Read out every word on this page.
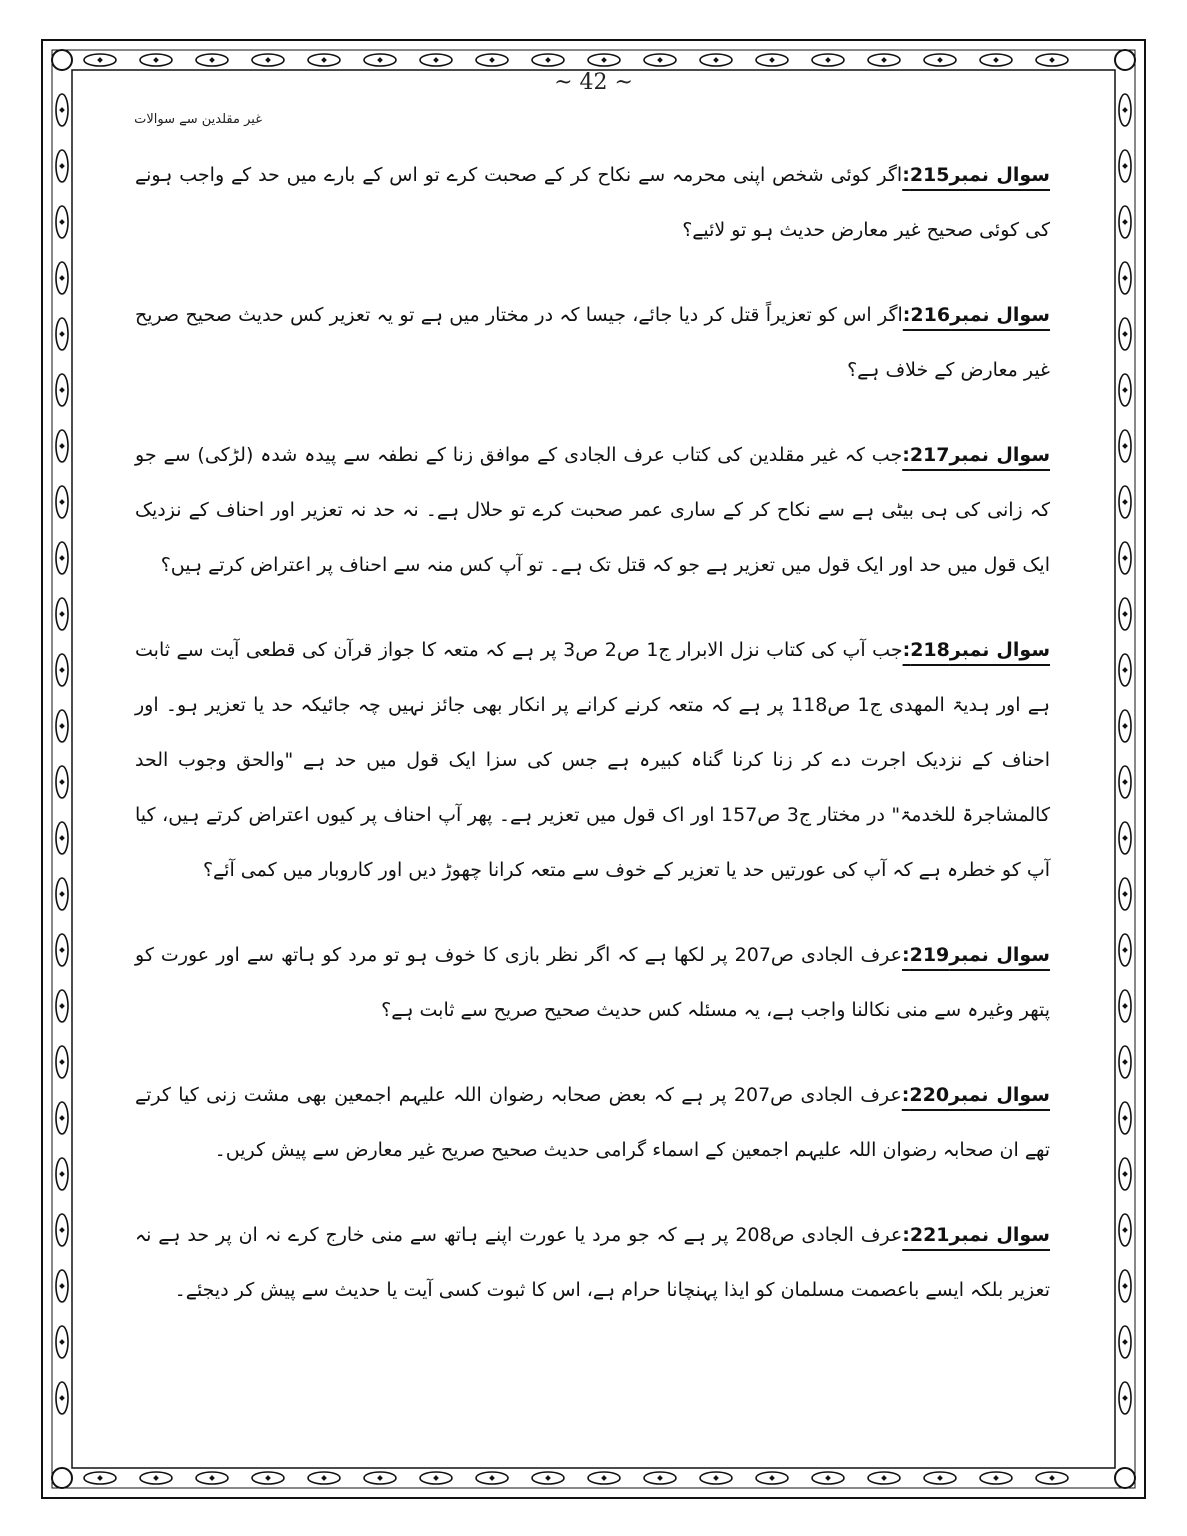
~ 42 ~
غیر مقلدین سے سوالات

سوال نمبر215:اگر کوئی شخص اپنی محرمہ سے نکاح کر کے صحبت کرے تو اس کے بارے میں حد کے واجب ہونے کی کوئی صحیح غیر معارض حدیث ہو تو لائیے؟

سوال نمبر216:اگر اس کو تعزیراً قتل کر دیا جائے، جیسا کہ در مختار میں ہے تو یہ تعزیر کس حدیث صحیح صریح غیر معارض کے خلاف ہے؟

سوال نمبر217:جب کہ غیر مقلدین کی کتاب عرف الجادی کے موافق زنا کے نطفہ سے پیدہ شدہ (لڑکی) سے جو کہ زانی کی ہی بیٹی ہے سے نکاح کر کے ساری عمر صحبت کرے تو حلال ہے۔ نہ حد نہ تعزیر اور احناف کے نزدیک ایک قول میں حد اور ایک قول میں تعزیر ہے جو کہ قتل تک ہے۔ تو آپ کس منہ سے احناف پر اعتراض کرتے ہیں؟

سوال نمبر218:جب آپ کی کتاب نزل الابرار ج1 ص2 ص3 پر ہے کہ متعہ کا جواز قرآن کی قطعی آیت سے ثابت ہے اور ہدیۃ المھدی ج1 ص118 پر ہے کہ متعہ کرنے کرانے پر انکار بھی جائز نہیں چہ جائیکہ حد یا تعزیر ہو۔ اور احناف کے نزدیک اجرت دے کر زنا کرنا گناہ کبیرہ ہے جس کی سزا ایک قول میں حد ہے "والحق وجوب الحد کالمشاجرۃ للخدمۃ" در مختار ج3 ص157 اور اک قول میں تعزیر ہے۔ پھر آپ احناف پر کیوں اعتراض کرتے ہیں، کیا آپ کو خطرہ ہے کہ آپ کی عورتیں حد یا تعزیر کے خوف سے متعہ کرانا چھوڑ دیں اور کاروبار میں کمی آئے؟

سوال نمبر219:عرف الجادی ص207 پر لکھا ہے کہ اگر نظر بازی کا خوف ہو تو مرد کو ہاتھ سے اور عورت کو پتھر وغیرہ سے منی نکالنا واجب ہے، یہ مسئلہ کس حدیث صحیح صریح سے ثابت ہے؟

سوال نمبر220:عرف الجادی ص207 پر ہے کہ بعض صحابہ رضوان اللہ علیہم اجمعین بھی مشت زنی کیا کرتے تھے ان صحابہ رضوان اللہ علیہم اجمعین کے اسماء گرامی حدیث صحیح صریح غیر معارض سے پیش کریں۔

سوال نمبر221:عرف الجادی ص208 پر ہے کہ جو مرد یا عورت اپنے ہاتھ سے منی خارج کرے نہ ان پر حد ہے نہ تعزیر بلکہ ایسے باعصمت مسلمان کو ایذا پہنچانا حرام ہے، اس کا ثبوت کسی آیت یا حدیث سے پیش کر دیجئے۔
